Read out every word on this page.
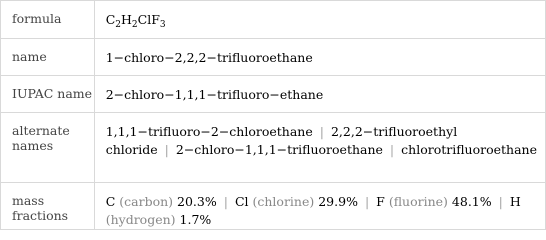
formula	$C_2H_2ClF_3$

name	1−chloro−2,2,2−trifluoroethane

IUPAC name	2−chloro−1,1,1−trifluoro−ethane

alternate names	1,1,1−trifluoro−2−chloroethane | 2,2,2−trifluoroethyl chloride | 2−chloro−1,1,1−trifluoroethane | chlorotrifluoroethane

mass fractions	C (carbon) 20.3% | Cl (chlorine) 29.9% | F (fluorine) 48.1% | H (hydrogen) 1.7%
